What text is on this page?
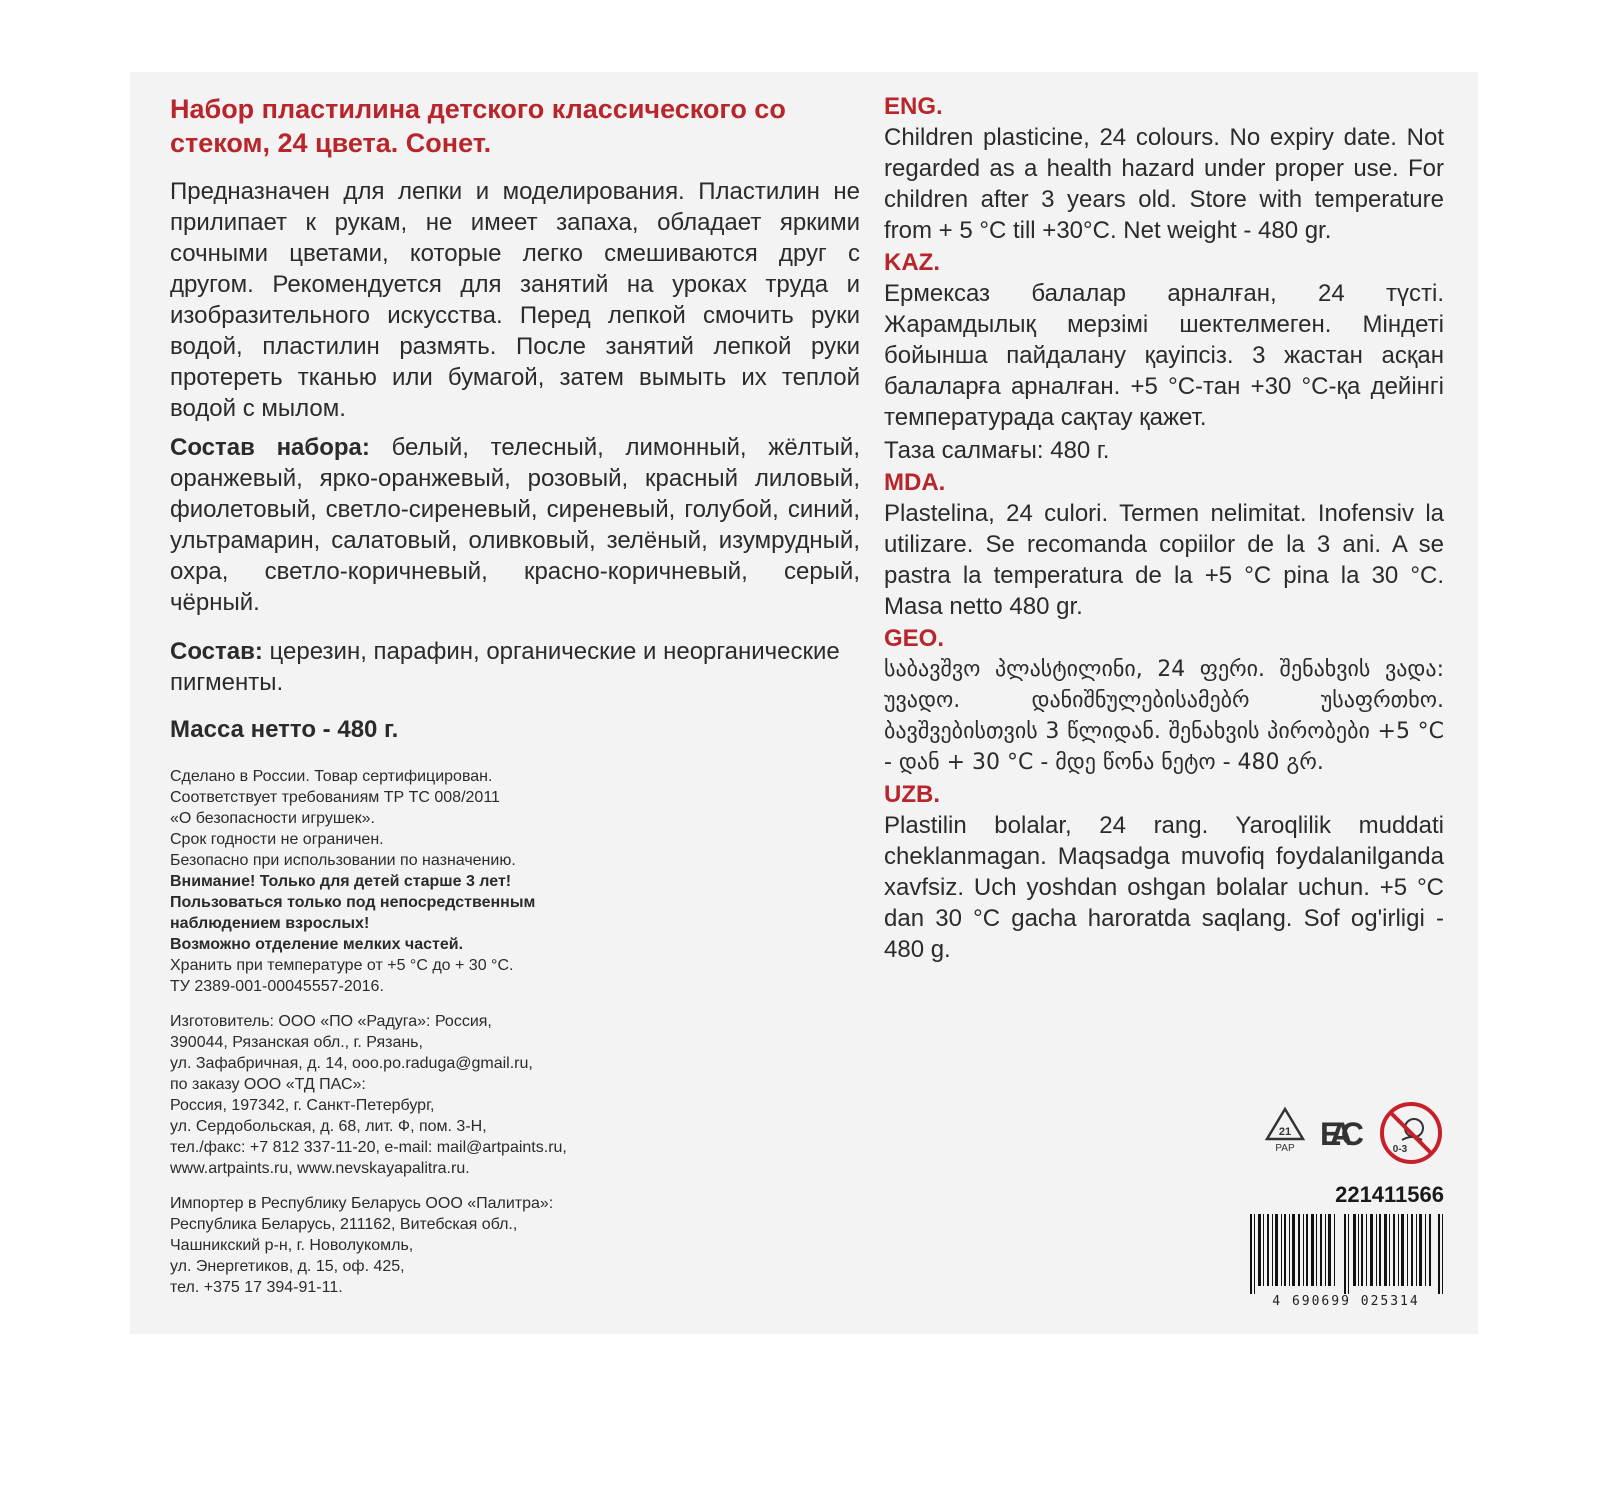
Набор пластилина детского классического со стеком, 24 цвета. Сонет.

Предназначен для лепки и моделирования. Пластилин не прилипает к рукам, не имеет запаха, обладает яркими сочными цветами, которые легко смешиваются друг с другом. Рекомендуется для занятий на уроках труда и изобразительного искусства. Перед лепкой смочить руки водой, пластилин размять. После занятий лепкой руки протереть тканью или бумагой, затем вымыть их теплой водой с мылом.

Состав набора: белый, телесный, лимонный, жёлтый, оранжевый, ярко-оранжевый, розовый, красный лиловый, фиолетовый, светло-сиреневый, сиреневый, голубой, синий, ультрамарин, салатовый, оливковый, зелёный, изумрудный, охра, светло-коричневый, красно-коричневый, серый, чёрный.

Состав: церезин, парафин, органические и неорганические пигменты.

Масса нетто - 480 г.
Сделано в России. Товар сертифицирован.
Соответствует требованиям ТР ТС 008/2011
«О безопасности игрушек».
Срок годности не ограничен.
Безопасно при использовании по назначению.
Внимание! Только для детей старше 3 лет!
Пользоваться только под непосредственным
наблюдением взрослых!
Возможно отделение мелких частей.
Хранить при температуре от +5 °С до + 30 °С.
ТУ 2389-001-00045557-2016.
Изготовитель: ООО «ПО «Радуга»: Россия,
390044, Рязанская обл., г. Рязань,
ул. Зафабричная, д. 14, ooo.po.raduga@gmail.ru,
по заказу ООО «ТД ПАС»:
Россия, 197342, г. Санкт-Петербург,
ул. Сердобольская, д. 68, лит. Ф, пом. 3-Н,
тел./факс: +7 812 337-11-20, e-mail: mail@artpaints.ru,
www.artpaints.ru, www.nevskayapalitra.ru.
Импортер в Республику Беларусь ООО «Палитра»:
Республика Беларусь, 211162, Витебская обл.,
Чашникский р-н, г. Новолукомль,
ул. Энергетиков, д. 15, оф. 425,
тел. +375 17 394-91-11.
ENG.

Children plasticine, 24 colours. No expiry date. Not regarded as a health hazard under proper use. For children after 3 years old. Store with temperature from + 5 °C till +30°C. Net weight - 480 gr.

KAZ.

Ермексаз балалар арналған, 24 түсті. Жарамдылық мерзімі шектелмеген. Міндеті бойынша пайдалану қауіпсіз. 3 жастан асқан балаларға арналған. +5 °С-тан +30 °С-қа дейінгі температурада сақтау қажет.

Таза салмағы: 480 г.

MDA.

Plastelina, 24 culori. Termen nelimitat. Inofensiv la utilizare. Se recomanda copiilor de la 3 ani. A se pastra la temperatura de la +5 °C pina la 30 °C. Masa netto 480 gr.

GEO.

საბავშვო პლასტილინი, 24 ფერი. შენახვის ვადა: უვადო. დანიშნულებისამებრ უსაფრთხო. ბავშვებისთვის 3 წლიდან. შენახვის პირობები +5 °C - დან + 30 °C - მდე წონა ნეტო - 480 გრ.

UZB.

Plastilin bolalar, 24 rang. Yaroqlilik muddati cheklanmagan. Maqsadga muvofiq foydalanilganda xavfsiz. Uch yoshdan oshgan bolalar uchun. +5 °C dan 30 °C gacha haroratda saqlang. Sof og'irligi - 480 g.

21
PAP EAC	0-3
221411566
4 690699 025314
